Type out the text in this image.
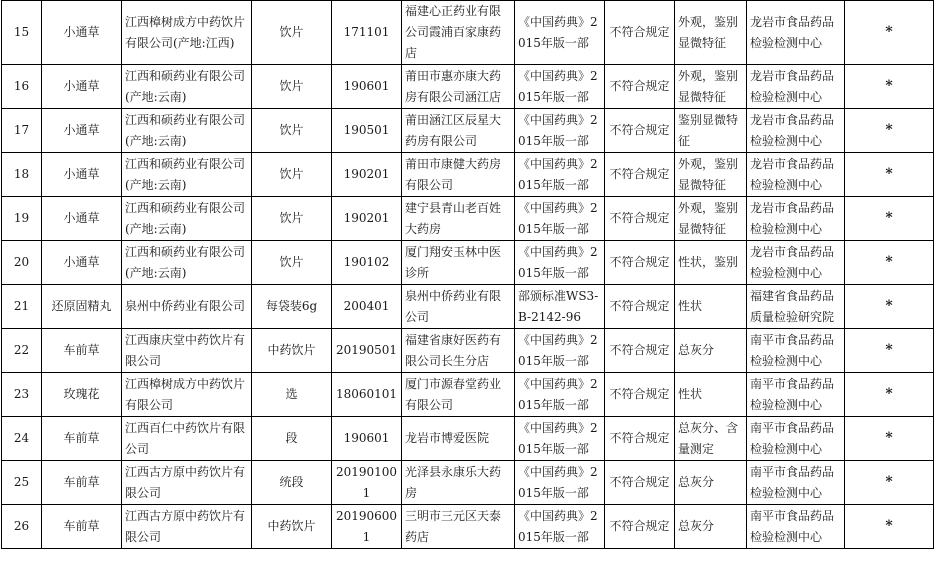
15	小通草	江西樟树成方中药饮片有限公司(产地:江西)	饮片	171101	福建心正药业有限公司霞浦百家康药店	《中国药典》2015年版一部	不符合规定	外观，鉴别显微特征	龙岩市食品药品检验检测中心	*
16	小通草	江西和硕药业有限公司(产地:云南)	饮片	190601	莆田市惠亦康大药房有限公司涵江店	《中国药典》2015年版一部	不符合规定	外观，鉴别显微特征	龙岩市食品药品检验检测中心	*
17	小通草	江西和硕药业有限公司(产地:云南)	饮片	190501	莆田涵江区辰星大药房有限公司	《中国药典》2015年版一部	不符合规定	鉴别显微特征	龙岩市食品药品检验检测中心	*
18	小通草	江西和硕药业有限公司(产地:云南)	饮片	190201	莆田市康健大药房有限公司	《中国药典》2015年版一部	不符合规定	外观，鉴别显微特征	龙岩市食品药品检验检测中心	*
19	小通草	江西和硕药业有限公司(产地:云南)	饮片	190201	建宁县青山老百姓大药房	《中国药典》2015年版一部	不符合规定	外观，鉴别显微特征	龙岩市食品药品检验检测中心	*
20	小通草	江西和硕药业有限公司(产地:云南)	饮片	190102	厦门翔安玉林中医诊所	《中国药典》2015年版一部	不符合规定	性状，鉴别	龙岩市食品药品检验检测中心	*
21	还原固精丸	泉州中侨药业有限公司	每袋装6g	200401	泉州中侨药业有限公司	部颁标准WS3-B-2142-96	不符合规定	性状	福建省食品药品质量检验研究院	*
22	车前草	江西康庆堂中药饮片有限公司	中药饮片	20190501	福建省康好医药有限公司长生分店	《中国药典》2015年版一部	不符合规定	总灰分	南平市食品药品检验检测中心	*
23	玫瑰花	江西樟树成方中药饮片有限公司	选	18060101	厦门市源春堂药业有限公司	《中国药典》2015年版一部	不符合规定	性状	南平市食品药品检验检测中心	*
24	车前草	江西百仁中药饮片有限公司	段	190601	龙岩市博爱医院	《中国药典》2015年版一部	不符合规定	总灰分、含量测定	南平市食品药品检验检测中心	*
25	车前草	江西古方原中药饮片有限公司	统段	201901001	光泽县永康乐大药房	《中国药典》2015年版一部	不符合规定	总灰分	南平市食品药品检验检测中心	*
26	车前草	江西古方原中药饮片有限公司	中药饮片	201906001	三明市三元区天泰药店	《中国药典》2015年版一部	不符合规定	总灰分	南平市食品药品检验检测中心	*
